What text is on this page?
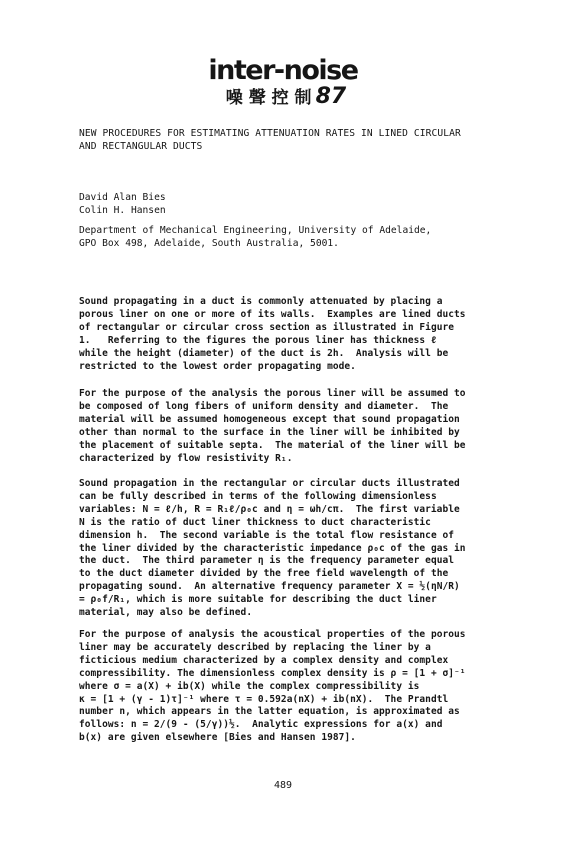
inter-noise
噪 聲 控 制 87

NEW PROCEDURES FOR ESTIMATING ATTENUATION RATES IN LINED CIRCULAR
AND RECTANGULAR DUCTS

David Alan Bies
Colin H. Hansen

Department of Mechanical Engineering, University of Adelaide,
GPO Box 498, Adelaide, South Australia, 5001.

Sound propagating in a duct is commonly attenuated by placing a
porous liner on one or more of its walls.  Examples are lined ducts
of rectangular or circular cross section as illustrated in Figure
1.   Referring to the figures the porous liner has thickness ℓ
while the height (diameter) of the duct is 2h.  Analysis will be
restricted to the lowest order propagating mode.

For the purpose of the analysis the porous liner will be assumed to
be composed of long fibers of uniform density and diameter.  The
material will be assumed homogeneous except that sound propagation
other than normal to the surface in the liner will be inhibited by
the placement of suitable septa.  The material of the liner will be
characterized by flow resistivity R₁.

Sound propagation in the rectangular or circular ducts illustrated
can be fully described in terms of the following dimensionless
variables: N = ℓ/h, R = R₁ℓ/ρ₀c and η = ωh/cπ.  The first variable
N is the ratio of duct liner thickness to duct characteristic
dimension h.  The second variable is the total flow resistance of
the liner divided by the characteristic impedance ρ₀c of the gas in
the duct.  The third parameter η is the frequency parameter equal
to the duct diameter divided by the free field wavelength of the
propagating sound.  An alternative frequency parameter X = ½(ηN/R)
= ρ₀f/R₁, which is more suitable for describing the duct liner
material, may also be defined.

For the purpose of analysis the acoustical properties of the porous
liner may be accurately described by replacing the liner by a
ficticious medium characterized by a complex density and complex
compressibility. The dimensionless complex density is ρ = [1 + σ]⁻¹
where σ = a(X) + ib(X) while the complex compressibility is
κ = [1 + (γ - 1)τ]⁻¹ where τ = 0.592a(nX) + ib(nX).  The Prandtl
number n, which appears in the latter equation, is approximated as
follows: n = 2/(9 - (5/γ))½.  Analytic expressions for a(x) and
b(x) are given elsewhere [Bies and Hansen 1987].

489
